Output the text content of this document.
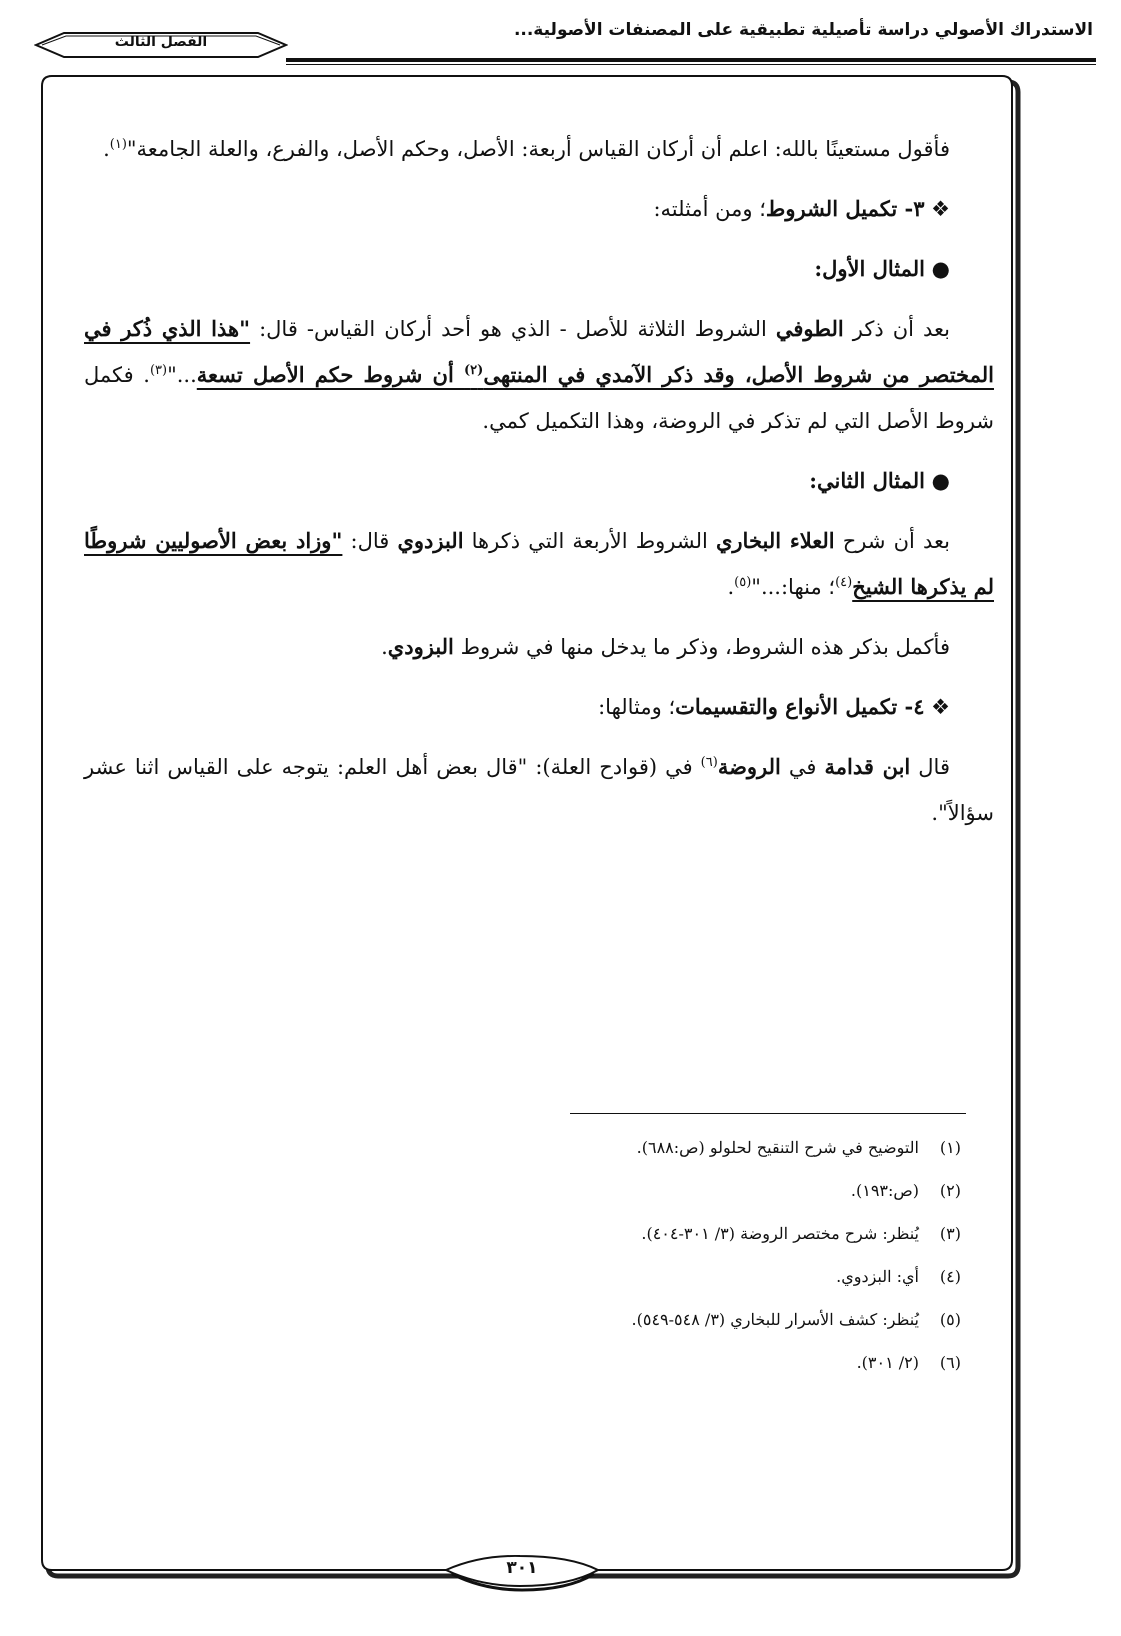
الاستدراك الأصولي دراسة تأصيلية تطبيقية على المصنفات الأصولية...
الفصل الثالث
٣٠١

فأقول مستعينًا بالله: اعلم أن أركان القياس أربعة: الأصل، وحكم الأصل، والفرع، والعلة الجامعة"$^{(١)}$.

❖ ٣- تكميل الشروط؛ ومن أمثلته:

● المثال الأول:

بعد أن ذكر الطوفي الشروط الثلاثة للأصل - الذي هو أحد أركان القياس- قال: "هذا الذي ذُكر في المختصر من شروط الأصل، وقد ذكر الآمدي في المنتهى$^{(٢)}$ أن شروط حكم الأصل تسعة..."$^{(٣)}$. فكمل شروط الأصل التي لم تذكر في الروضة، وهذا التكميل كمي.

● المثال الثاني:

بعد أن شرح العلاء البخاري الشروط الأربعة التي ذكرها البزدوي قال: "وزاد بعض الأصوليين شروطًا لم يذكرها الشيخ$^{(٤)}$؛ منها:..."$^{(٥)}$.

فأكمل بذكر هذه الشروط، وذكر ما يدخل منها في شروط البزودي.

❖ ٤- تكميل الأنواع والتقسيمات؛ ومثالها:

قال ابن قدامة في الروضة$^{(٦)}$ في (قوادح العلة): "قال بعض أهل العلم: يتوجه على القياس اثنا عشر سؤالاً".

(١)التوضيح في شرح التنقيح لحلولو (ص:٦٨٨).
(٢)(ص:١٩٣).
(٣)يُنظر: شرح مختصر الروضة (٣/ ٣٠١-٤٠٤).
(٤)أي: البزدوي.
(٥)يُنظر: كشف الأسرار للبخاري (٣/ ٥٤٨-٥٤٩).
(٦)(٢/ ٣٠١).
